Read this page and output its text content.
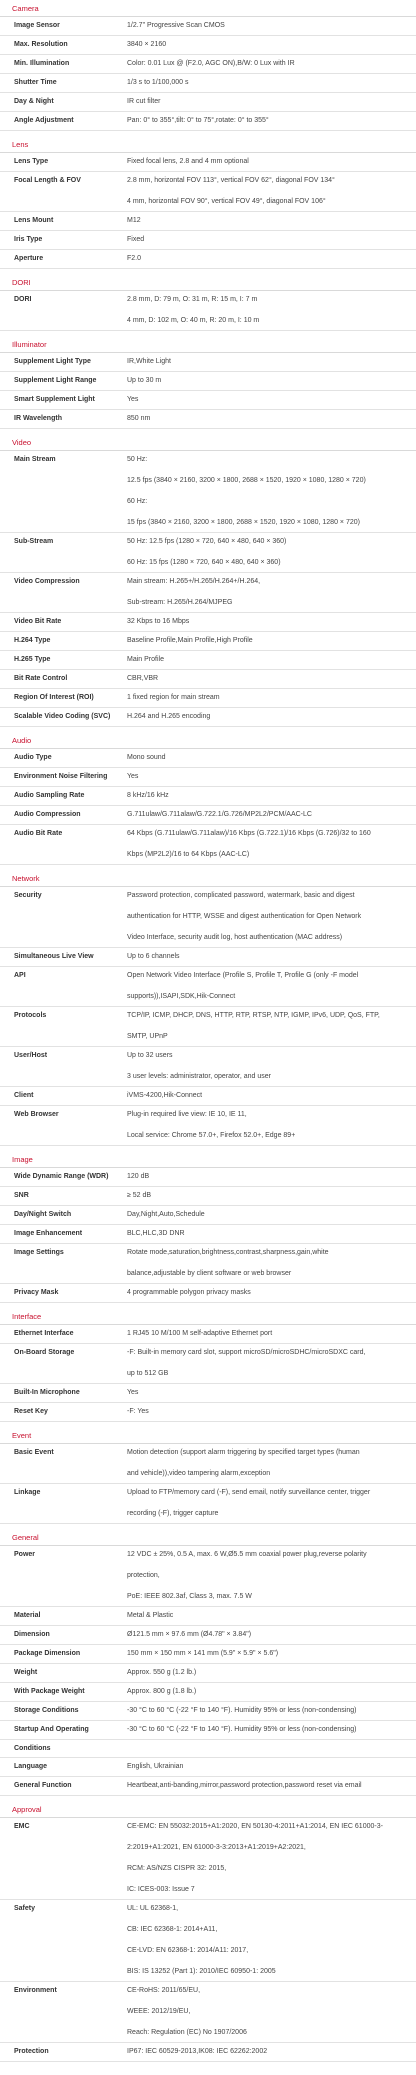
Camera
Image Sensor	1/2.7" Progressive Scan CMOS
Max. Resolution	3840 × 2160
Min. Illumination	Color: 0.01 Lux @ (F2.0, AGC ON),B/W: 0 Lux with IR
Shutter Time	1/3 s to 1/100,000 s
Day & Night	IR cut filter
Angle Adjustment	Pan: 0° to 355°,tilt: 0° to 75°,rotate: 0° to 355°
Lens
Lens Type	Fixed focal lens, 2.8 and 4 mm optional
Focal Length & FOV	2.8 mm, horizontal FOV 113°, vertical FOV 62°, diagonal FOV 134°
4 mm, horizontal FOV 90°, vertical FOV 49°, diagonal FOV 106°
Lens Mount	M12
Iris Type	Fixed
Aperture	F2.0
DORI
DORI	2.8 mm, D: 79 m, O: 31 m, R: 15 m, I: 7 m
4 mm, D: 102 m, O: 40 m, R: 20 m, I: 10 m
Illuminator
Supplement Light Type	IR,White Light
Supplement Light Range	Up to 30 m
Smart Supplement Light	Yes
IR Wavelength	850 nm
Video
Main Stream	50 Hz:
12.5 fps (3840 × 2160, 3200 × 1800, 2688 × 1520, 1920 × 1080, 1280 × 720)
60 Hz:
15 fps (3840 × 2160, 3200 × 1800, 2688 × 1520, 1920 × 1080, 1280 × 720)
Sub-Stream	50 Hz: 12.5 fps (1280 × 720, 640 × 480, 640 × 360)
60 Hz: 15 fps (1280 × 720, 640 × 480, 640 × 360)
Video Compression	Main stream: H.265+/H.265/H.264+/H.264,
Sub-stream: H.265/H.264/MJPEG
Video Bit Rate	32 Kbps to 16 Mbps
H.264 Type	Baseline Profile,Main Profile,High Profile
H.265 Type	Main Profile
Bit Rate Control	CBR,VBR
Region Of Interest (ROI)	1 fixed region for main stream
Scalable Video Coding (SVC)	H.264 and H.265 encoding
Audio
Audio Type	Mono sound
Environment Noise Filtering	Yes
Audio Sampling Rate	8 kHz/16 kHz
Audio Compression	G.711ulaw/G.711alaw/G.722.1/G.726/MP2L2/PCM/AAC-LC
Audio Bit Rate	64 Kbps (G.711ulaw/G.711alaw)/16 Kbps (G.722.1)/16 Kbps (G.726)/32 to 160
Kbps (MP2L2)/16 to 64 Kbps (AAC-LC)
Network
Security	Password protection, complicated password, watermark, basic and digest
authentication for HTTP, WSSE and digest authentication for Open Network
Video Interface, security audit log, host authentication (MAC address)
Simultaneous Live View	Up to 6 channels
API	Open Network Video Interface (Profile S, Profile T, Profile G (only -F model
supports)),ISAPI,SDK,Hik-Connect
Protocols	TCP/IP, ICMP, DHCP, DNS, HTTP, RTP, RTSP, NTP, IGMP, IPv6, UDP, QoS, FTP,
SMTP, UPnP
User/Host	Up to 32 users
3 user levels: administrator, operator, and user
Client	iVMS-4200,Hik-Connect
Web Browser	Plug-in required live view: IE 10, IE 11,
Local service: Chrome 57.0+, Firefox 52.0+, Edge 89+
Image
Wide Dynamic Range (WDR)	120 dB
SNR	≥ 52 dB
Day/Night Switch	Day,Night,Auto,Schedule
Image Enhancement	BLC,HLC,3D DNR
Image Settings	Rotate mode,saturation,brightness,contrast,sharpness,gain,white
balance,adjustable by client software or web browser
Privacy Mask	4 programmable polygon privacy masks
Interface
Ethernet Interface	1 RJ45 10 M/100 M self-adaptive Ethernet port
On-Board Storage	-F: Built-in memory card slot, support microSD/microSDHC/microSDXC card,
up to 512 GB
Built-In Microphone	Yes
Reset Key	-F: Yes
Event
Basic Event	Motion detection (support alarm triggering by specified target types (human
and vehicle)),video tampering alarm,exception
Linkage	Upload to FTP/memory card (-F), send email, notify surveillance center, trigger
recording (-F), trigger capture
General
Power	12 VDC ± 25%, 0.5 A, max. 6 W,Ø5.5 mm coaxial power plug,reverse polarity
protection,
PoE: IEEE 802.3af, Class 3, max. 7.5 W
Material	Metal & Plastic
Dimension	Ø121.5 mm × 97.6 mm (Ø4.78" × 3.84")
Package Dimension	150 mm × 150 mm × 141 mm (5.9" × 5.9" × 5.6")
Weight	Approx. 550 g (1.2 lb.)
With Package Weight	Approx. 800 g (1.8 lb.)
Storage Conditions	-30 °C to 60 °C (-22 °F to 140 °F). Humidity 95% or less (non-condensing)
Startup And Operating	-30 °C to 60 °C (-22 °F to 140 °F). Humidity 95% or less (non-condensing)
Conditions
Language	English, Ukrainian
General Function	Heartbeat,anti-banding,mirror,password protection,password reset via email
Approval
EMC	CE-EMC: EN 55032:2015+A1:2020, EN 50130-4:2011+A1:2014, EN IEC 61000-3-
2:2019+A1:2021, EN 61000-3-3:2013+A1:2019+A2:2021,
RCM: AS/NZS CISPR 32: 2015,
IC: ICES-003: Issue 7
Safety	UL: UL 62368-1,
CB: IEC 62368-1: 2014+A11,
CE-LVD: EN 62368-1: 2014/A11: 2017,
BIS: IS 13252 (Part 1): 2010/IEC 60950-1: 2005
Environment	CE-RoHS: 2011/65/EU,
WEEE: 2012/19/EU,
Reach: Regulation (EC) No 1907/2006
Protection	IP67: IEC 60529-2013,IK08: IEC 62262:2002
